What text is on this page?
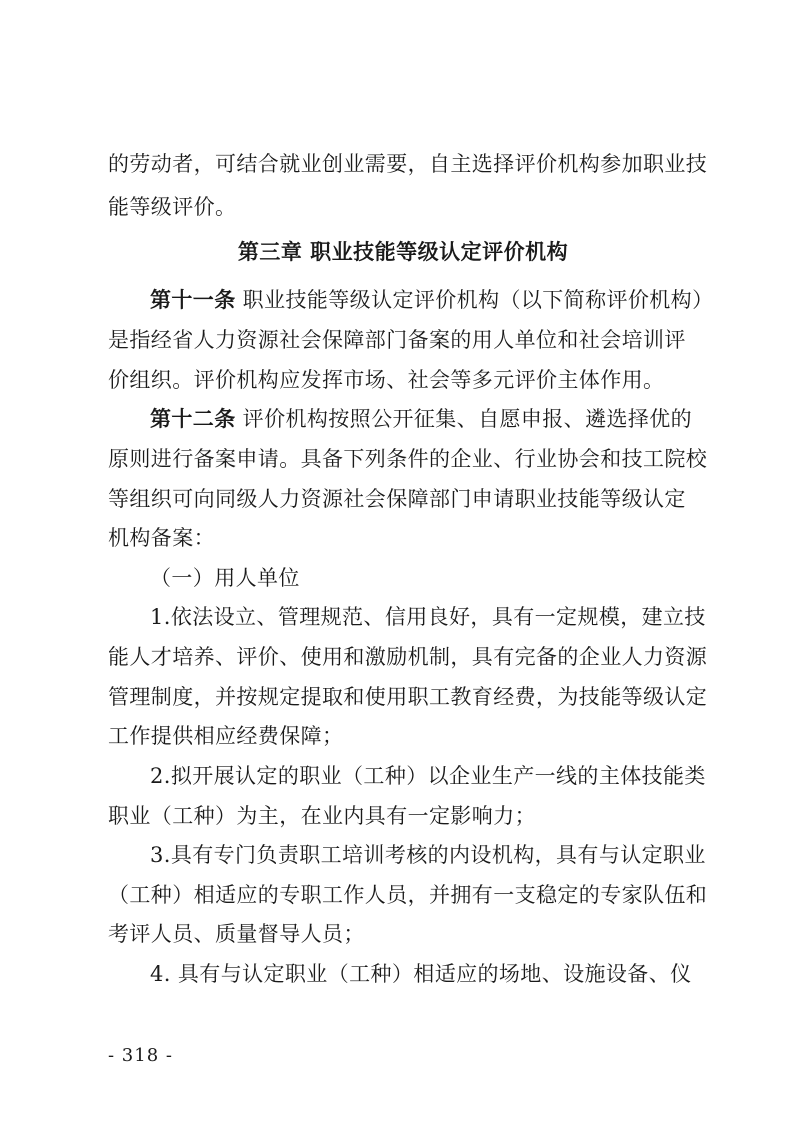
的劳动者，可结合就业创业需要，自主选择评价机构参加职业技
能等级评价。
第三章 职业技能等级认定评价机构
第十一条 职业技能等级认定评价机构（以下简称评价机构）
是指经省人力资源社会保障部门备案的用人单位和社会培训评
价组织。评价机构应发挥市场、社会等多元评价主体作用。
第十二条 评价机构按照公开征集、自愿申报、遴选择优的
原则进行备案申请。具备下列条件的企业、行业协会和技工院校
等组织可向同级人力资源社会保障部门申请职业技能等级认定
机构备案：
（一）用人单位
1.依法设立、管理规范、信用良好，具有一定规模，建立技
能人才培养、评价、使用和激励机制，具有完备的企业人力资源
管理制度，并按规定提取和使用职工教育经费，为技能等级认定
工作提供相应经费保障；
2.拟开展认定的职业（工种）以企业生产一线的主体技能类
职业（工种）为主，在业内具有一定影响力；
3.具有专门负责职工培训考核的内设机构，具有与认定职业
（工种）相适应的专职工作人员，并拥有一支稳定的专家队伍和
考评人员、质量督导人员；
4. 具有与认定职业（工种）相适应的场地、设施设备、仪
- 318 -
